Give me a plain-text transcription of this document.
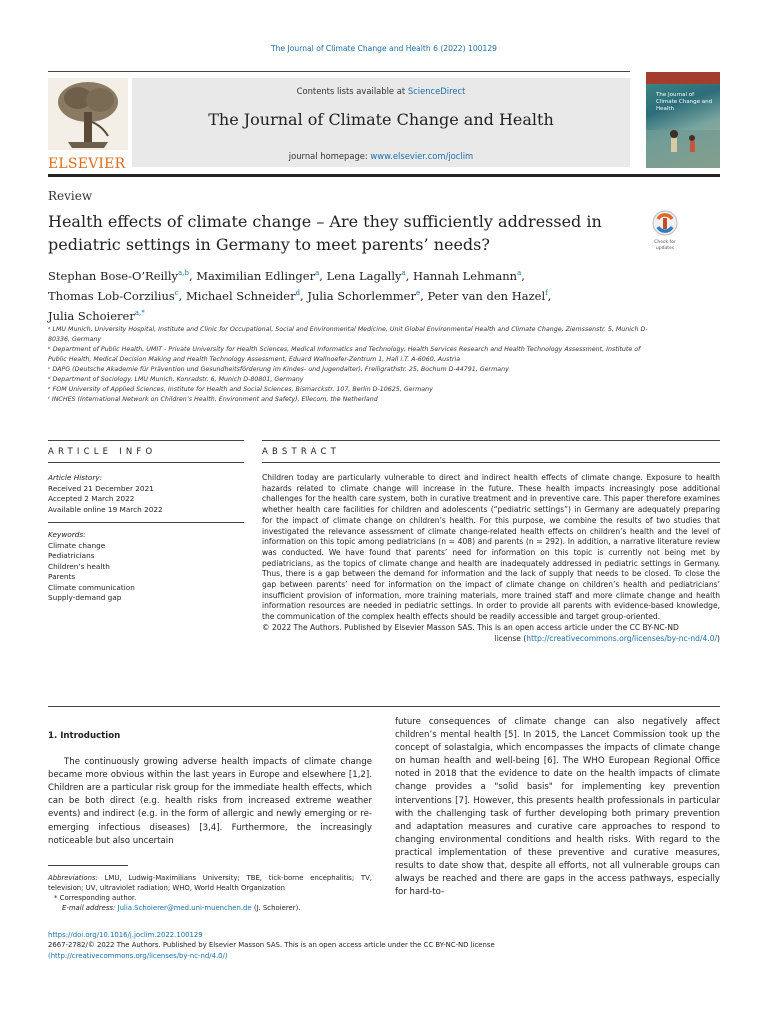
The Journal of Climate Change and Health 6 (2022) 100129
ELSEVIER
Contents lists available at ScienceDirect
The Journal of Climate Change and Health
journal homepage: www.elsevier.com/joclim
The Journal of Climate Change and Health
Review
Health effects of climate change – Are they sufficiently addressed in pediatric settings in Germany to meet parents’ needs?	Check for updates
Stephan Bose-O’Reilly$^{a,b}$, Maximilian Edlinger$^a$, Lena Lagally$^a$, Hannah Lehmann$^a$,
Thomas Lob-Corzilius$^c$, Michael Schneider$^d$, Julia Schorlemmer$^e$, Peter van den Hazel$^f$,
Julia Schoierer$^{a,*}$
ᵃ LMU Munich, University Hospital, Institute and Clinic for Occupational, Social and Environmental Medicine, Unit Global Environmental Health and Climate Change, Ziemssenstr. 5, Munich D-80336, Germany
ᵇ Department of Public Health, UMIT - Private University for Health Sciences, Medical Informatics and Technology, Health Services Research and Health Technology Assessment, Institute of Public Health, Medical Decision Making and Health Technology Assessment, Eduard Wallnoefer-Zentrum 1, Hall i.T. A-6060, Austria
ᶜ DAPG (Deutsche Akademie für Prävention und Gesundheitsförderung im Kindes- und Jugendalter), Freiligrathstr. 25, Bochum D-44791, Germany
ᵈ Department of Sociology, LMU Munich, Konradstr. 6, Munich D-80801, Germany
ᵉ FOM University of Applied Sciences, Institute for Health and Social Sciences, Bismarckstr. 107, Berlin D-10625, Germany
ᶠ INCHES (International Network on Children’s Health, Environment and Safety), Ellecom, the Netherland
ARTICLE INFO	ABSTRACT
Article History:
Received 21 December 2021
Accepted 2 March 2022
Available online 19 March 2022
Keywords:
Climate change
Pediatricians
Children’s health
Parents
Climate communication
Supply-demand gap
Children today are particularly vulnerable to direct and indirect health effects of climate change. Exposure to health hazards related to climate change will increase in the future. These health impacts increasingly pose additional challenges for the health care system, both in curative treatment and in preventive care. This paper therefore examines whether health care facilities for children and adolescents (“pediatric settings”) in Germany are adequately preparing for the impact of climate change on children’s health. For this purpose, we combine the results of two studies that investigated the relevance assessment of climate change-related health effects on children’s health and the level of information on this topic among pediatricians (n = 408) and parents (n = 292). In addition, a narrative literature review was conducted. We have found that parents’ need for information on this topic is currently not being met by pediatricians, as the topics of climate change and health are inadequately addressed in pediatric settings in Germany. Thus, there is a gap between the demand for information and the lack of supply that needs to be closed. To close the gap between parents’ need for information on the impact of climate change on children’s health and pediatricians’ insufficient provision of information, more training materials, more trained staff and more climate change and health information resources are needed in pediatric settings. In order to provide all parents with evidence-based knowledge, the communication of the complex health effects should be readily accessible and target group-oriented.
© 2022 The Authors. Published by Elsevier Masson SAS. This is an open access article under the CC BY-NC-ND
license (http://creativecommons.org/licenses/by-nc-nd/4.0/)
1. Introduction
The continuously growing adverse health impacts of climate change became more obvious within the last years in Europe and elsewhere [1,2]. Children are a particular risk group for the immediate health effects, which can be both direct (e.g. health risks from increased extreme weather events) and indirect (e.g. in the form of allergic and newly emerging or re-emerging infectious diseases) [3,4]. Furthermore, the increasingly noticeable but also uncertain
future consequences of climate change can also negatively affect children’s mental health [5]. In 2015, the Lancet Commission took up the concept of solastalgia, which encompasses the impacts of climate change on human health and well-being [6]. The WHO European Regional Office noted in 2018 that the evidence to date on the health impacts of climate change provides a "solid basis" for implementing key prevention interventions [7]. However, this presents health professionals in particular with the challenging task of further developing both primary prevention and adaptation measures and curative care approaches to respond to changing environmental conditions and health risks. With regard to the practical implementation of these preventive and curative measures, results to date show that, despite all efforts, not all vulnerable groups can always be reached and there are gaps in the access pathways, especially for hard-to-
Abbreviations: LMU, Ludwig-Maximilians University; TBE, tick-borne encephalitis; TV, television; UV, ultraviolet radiation; WHO, World Health Organization
* Corresponding author.
E-mail address: Julia.Schoierer@med.uni-muenchen.de (J. Schoierer).
https://doi.org/10.1016/j.joclim.2022.100129
2667-2782/© 2022 The Authors. Published by Elsevier Masson SAS. This is an open access article under the CC BY-NC-ND license
(http://creativecommons.org/licenses/by-nc-nd/4.0/)
